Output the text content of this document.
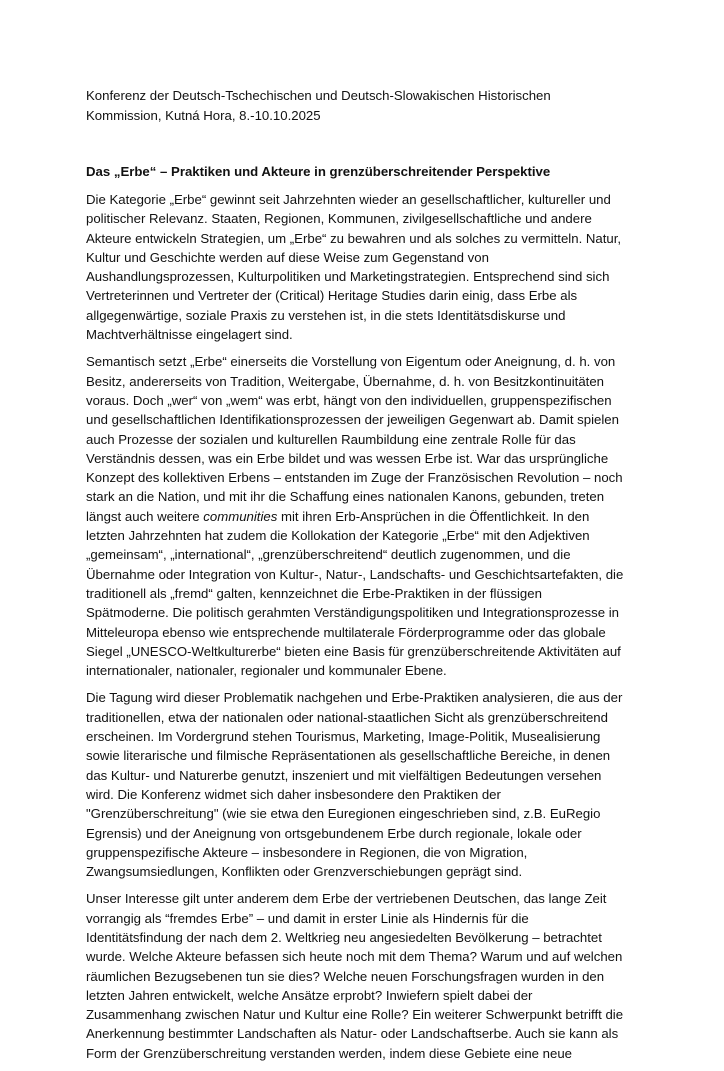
Konferenz der Deutsch-Tschechischen und Deutsch-Slowakischen Historischen
Kommission, Kutná Hora, 8.-10.10.2025
Das „Erbe“ – Praktiken und Akteure in grenzüberschreitender Perspektive
Die Kategorie „Erbe“ gewinnt seit Jahrzehnten wieder an gesellschaftlicher, kultureller und
politischer Relevanz. Staaten, Regionen, Kommunen, zivilgesellschaftliche und andere
Akteure entwickeln Strategien, um „Erbe“ zu bewahren und als solches zu vermitteln. Natur,
Kultur und Geschichte werden auf diese Weise zum Gegenstand von
Aushandlungsprozessen, Kulturpolitiken und Marketingstrategien. Entsprechend sind sich
Vertreterinnen und Vertreter der (Critical) Heritage Studies darin einig, dass Erbe als
allgegenwärtige, soziale Praxis zu verstehen ist, in die stets Identitätsdiskurse und
Machtverhältnisse eingelagert sind.
Semantisch setzt „Erbe“ einerseits die Vorstellung von Eigentum oder Aneignung, d. h. von
Besitz, andererseits von Tradition, Weitergabe, Übernahme, d. h. von Besitzkontinuitäten
voraus. Doch „wer“ von „wem“ was erbt, hängt von den individuellen, gruppenspezifischen
und gesellschaftlichen Identifikationsprozessen der jeweiligen Gegenwart ab. Damit spielen
auch Prozesse der sozialen und kulturellen Raumbildung eine zentrale Rolle für das
Verständnis dessen, was ein Erbe bildet und was wessen Erbe ist. War das ursprüngliche
Konzept des kollektiven Erbens – entstanden im Zuge der Französischen Revolution – noch
stark an die Nation, und mit ihr die Schaffung eines nationalen Kanons, gebunden, treten
längst auch weitere communities mit ihren Erb-Ansprüchen in die Öffentlichkeit. In den
letzten Jahrzehnten hat zudem die Kollokation der Kategorie „Erbe“ mit den Adjektiven
„gemeinsam“, „international“, „grenzüberschreitend“ deutlich zugenommen, und die
Übernahme oder Integration von Kultur-, Natur-, Landschafts- und Geschichtsartefakten, die
traditionell als „fremd“ galten, kennzeichnet die Erbe-Praktiken in der flüssigen
Spätmoderne. Die politisch gerahmten Verständigungspolitiken und Integrationsprozesse in
Mitteleuropa ebenso wie entsprechende multilaterale Förderprogramme oder das globale
Siegel „UNESCO-Weltkulturerbe“ bieten eine Basis für grenzüberschreitende Aktivitäten auf
internationaler, nationaler, regionaler und kommunaler Ebene.
Die Tagung wird dieser Problematik nachgehen und Erbe-Praktiken analysieren, die aus der
traditionellen, etwa der nationalen oder national-staatlichen Sicht als grenzüberschreitend
erscheinen. Im Vordergrund stehen Tourismus, Marketing, Image-Politik, Musealisierung
sowie literarische und filmische Repräsentationen als gesellschaftliche Bereiche, in denen
das Kultur- und Naturerbe genutzt, inszeniert und mit vielfältigen Bedeutungen versehen
wird. Die Konferenz widmet sich daher insbesondere den Praktiken der
"Grenzüberschreitung" (wie sie etwa den Euregionen eingeschrieben sind, z.B. EuRegio
Egrensis) und der Aneignung von ortsgebundenem Erbe durch regionale, lokale oder
gruppenspezifische Akteure – insbesondere in Regionen, die von Migration,
Zwangsumsiedlungen, Konflikten oder Grenzverschiebungen geprägt sind.
Unser Interesse gilt unter anderem dem Erbe der vertriebenen Deutschen, das lange Zeit
vorrangig als “fremdes Erbe” – und damit in erster Linie als Hindernis für die
Identitätsfindung der nach dem 2. Weltkrieg neu angesiedelten Bevölkerung – betrachtet
wurde. Welche Akteure befassen sich heute noch mit dem Thema? Warum und auf welchen
räumlichen Bezugsebenen tun sie dies? Welche neuen Forschungsfragen wurden in den
letzten Jahren entwickelt, welche Ansätze erprobt? Inwiefern spielt dabei der
Zusammenhang zwischen Natur und Kultur eine Rolle? Ein weiterer Schwerpunkt betrifft die
Anerkennung bestimmter Landschaften als Natur- oder Landschaftserbe. Auch sie kann als
Form der Grenzüberschreitung verstanden werden, indem diese Gebiete eine neue
